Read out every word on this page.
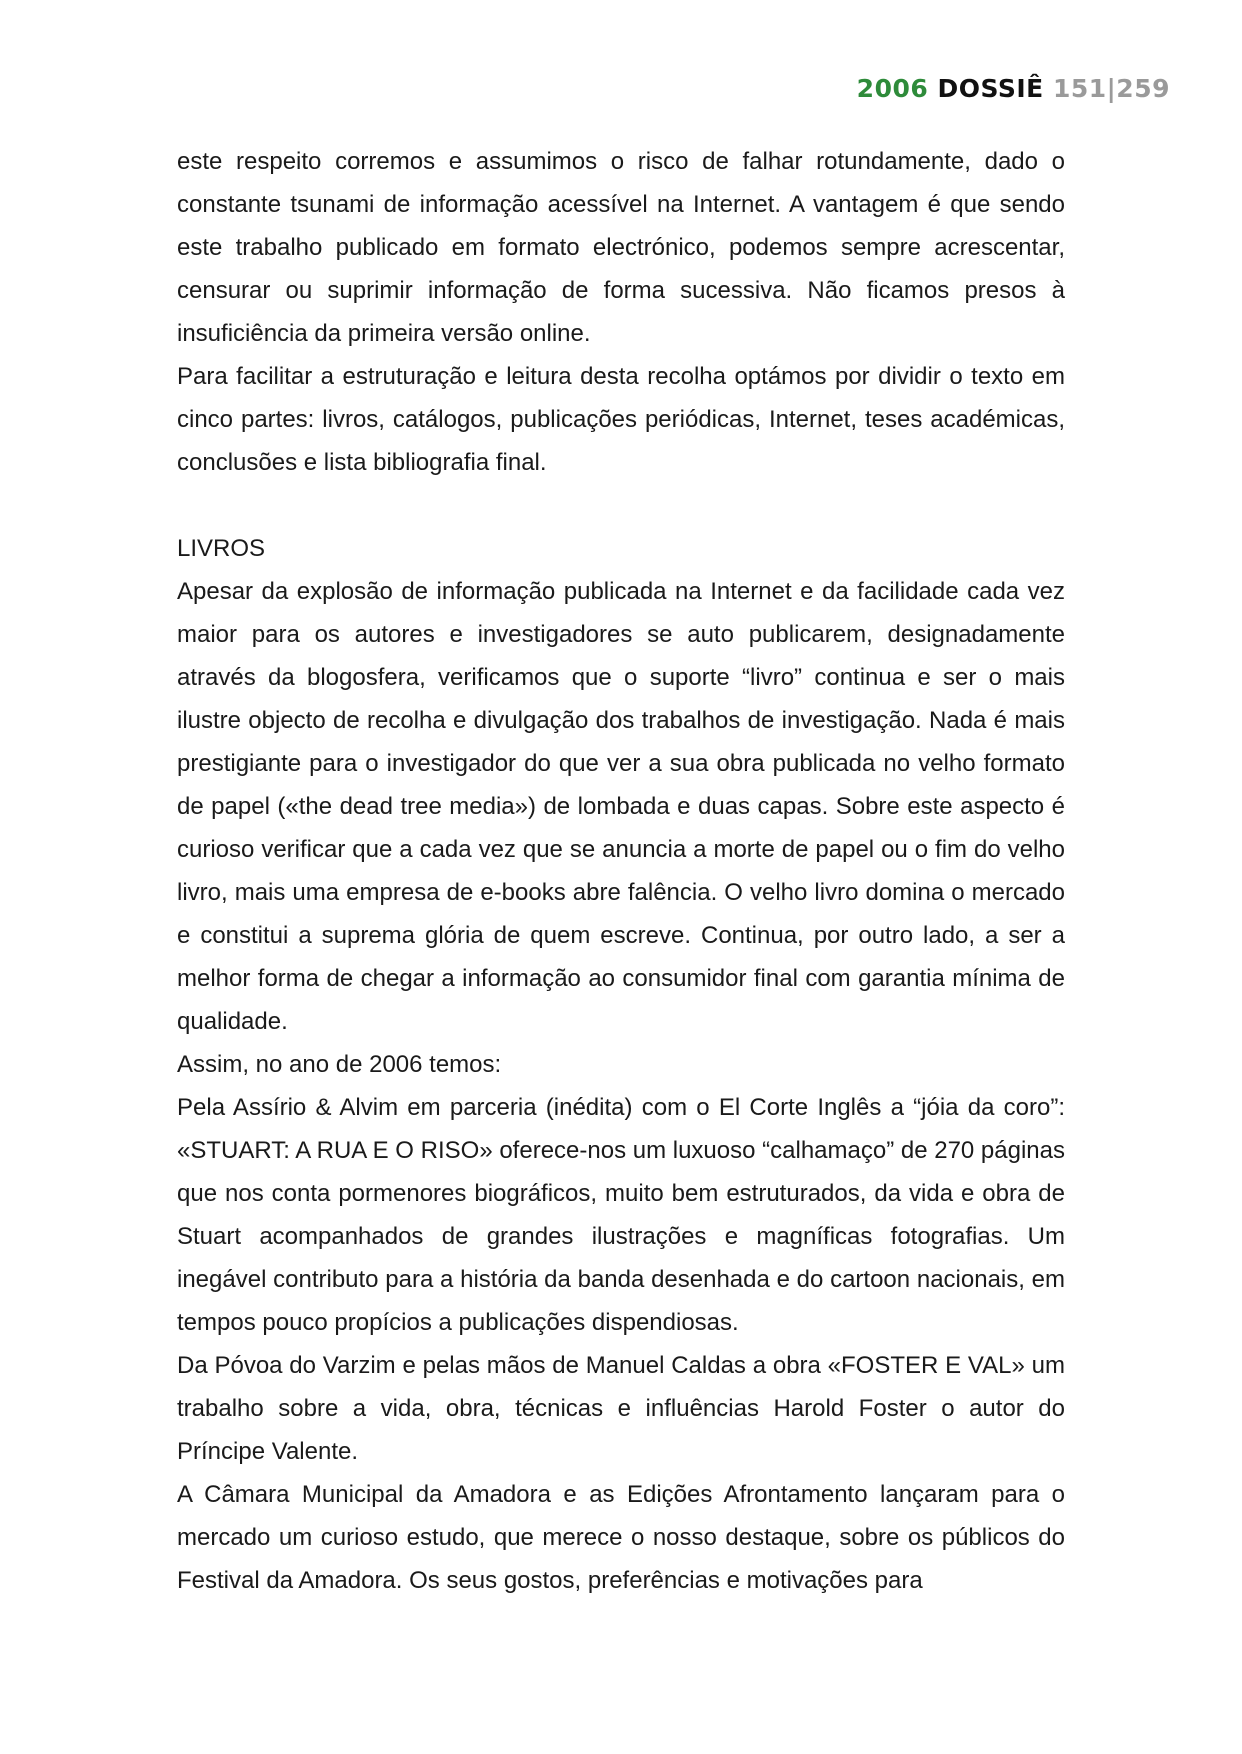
2006 DOSSIÊ 151|259

este respeito corremos e assumimos o risco de falhar rotundamente, dado o constante tsunami de informação acessível na Internet. A vantagem é que sendo este trabalho publicado em formato electrónico, podemos sempre acrescentar, censurar ou suprimir informação de forma sucessiva. Não ficamos presos à insuficiência da primeira versão online.

Para facilitar a estruturação e leitura desta recolha optámos por dividir o texto em cinco partes: livros, catálogos, publicações periódicas, Internet, teses académicas, conclusões e lista bibliografia final.

LIVROS

Apesar da explosão de informação publicada na Internet e da facilidade cada vez maior para os autores e investigadores se auto publicarem, designadamente através da blogosfera, verificamos que o suporte “livro” continua e ser o mais ilustre objecto de recolha e divulgação dos trabalhos de investigação. Nada é mais prestigiante para o investigador do que ver a sua obra publicada no velho formato de papel («the dead tree media») de lombada e duas capas. Sobre este aspecto é curioso verificar que a cada vez que se anuncia a morte de papel ou o fim do velho livro, mais uma empresa de e-books abre falência. O velho livro domina o mercado e constitui a suprema glória de quem escreve. Continua, por outro lado, a ser a melhor forma de chegar a informação ao consumidor final com garantia mínima de qualidade.

Assim, no ano de 2006 temos:

Pela Assírio & Alvim em parceria (inédita) com o El Corte Inglês a “jóia da coro”: «STUART: A RUA E O RISO» oferece-nos um luxuoso “calhamaço” de 270 páginas que nos conta pormenores biográficos, muito bem estruturados, da vida e obra de Stuart acompanhados de grandes ilustrações e magníficas fotografias. Um inegável contributo para a história da banda desenhada e do cartoon nacionais, em tempos pouco propícios a publicações dispendiosas.

Da Póvoa do Varzim e pelas mãos de Manuel Caldas a obra «FOSTER E VAL» um trabalho sobre a vida, obra, técnicas e influências Harold Foster o autor do Príncipe Valente.

A Câmara Municipal da Amadora e as Edições Afrontamento lançaram para o mercado um curioso estudo, que merece o nosso destaque, sobre os públicos do Festival da Amadora. Os seus gostos, preferências e motivações para
